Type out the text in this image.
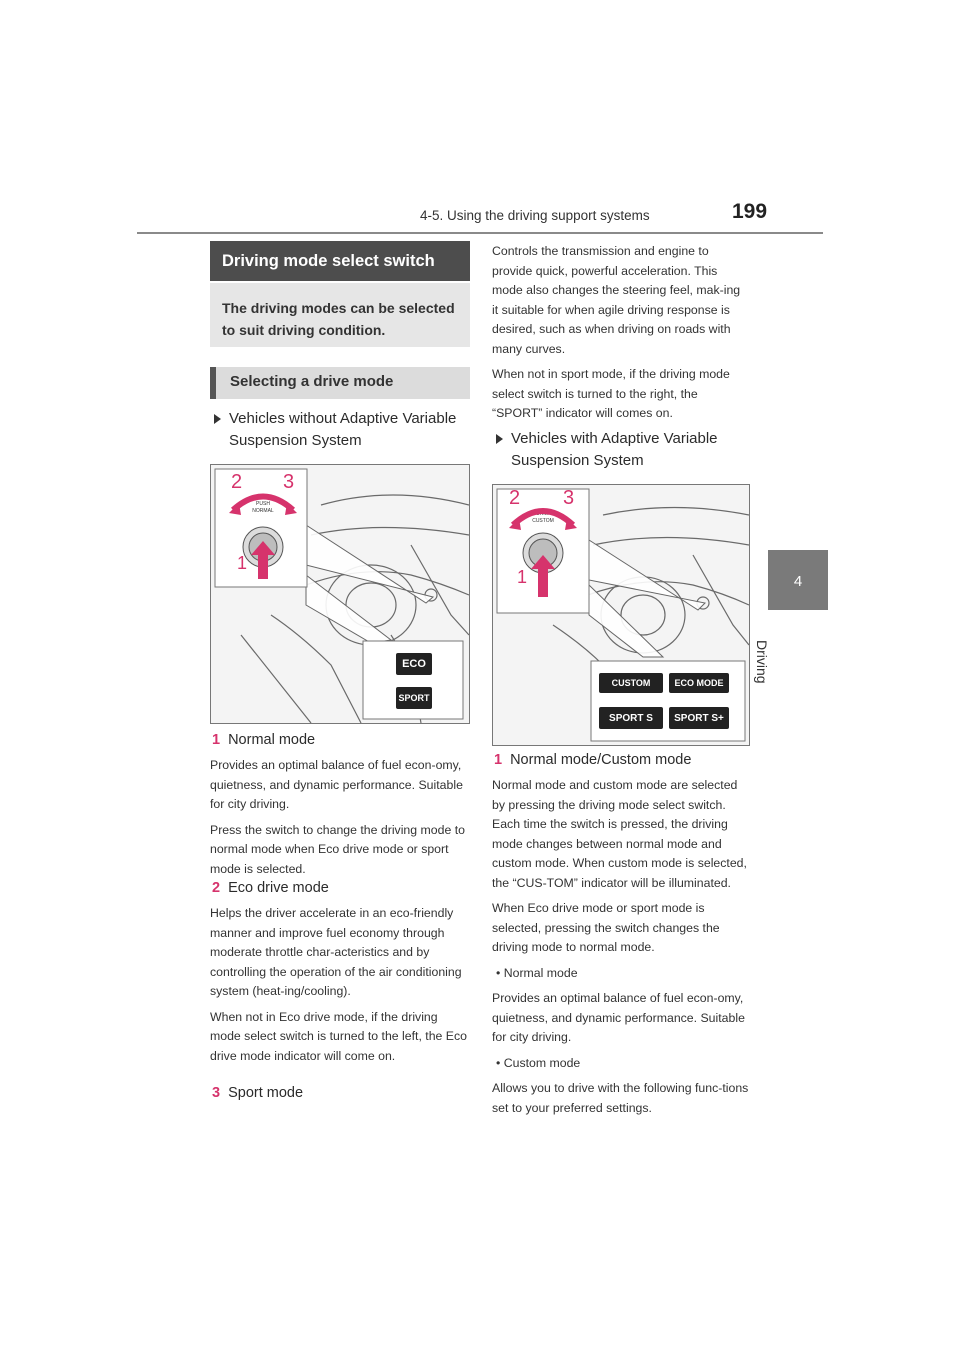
4-5. Using the driving support systems	199
4
Driving
Driving mode select switch
The driving modes can be selected to suit driving condition.
Selecting a drive mode
Vehicles without Adaptive Variable Suspension System
PUSH
NORMAL
2 3
1
ECO
SPORT
1 Normal mode

Provides an optimal balance of fuel econ-omy, quietness, and dynamic performance. Suitable for city driving.

Press the switch to change the driving mode to normal mode when Eco drive mode or sport mode is selected.

2 Eco drive mode

Helps the driver accelerate in an eco-friendly manner and improve fuel economy through moderate throttle char-acteristics and by controlling the operation of the air conditioning system (heat-ing/cooling).

When not in Eco drive mode, if the driving mode select switch is turned to the left, the Eco drive mode indicator will come on.

3 Sport mode

Controls the transmission and engine to provide quick, powerful acceleration. This mode also changes the steering feel, mak-ing it suitable for when agile driving response is desired, such as when driving on roads with many curves.

When not in sport mode, if the driving mode select switch is turned to the right, the “SPORT” indicator will comes on.

Vehicles with Adaptive Variable Suspension System
NORMAL
CUSTOM
2 3
1
CUSTOM	ECO MODE
SPORT S	SPORT S+
1 Normal mode/Custom mode

Normal mode and custom mode are selected by pressing the driving mode select switch. Each time the switch is pressed, the driving mode changes between normal mode and custom mode. When custom mode is selected, the “CUS-TOM” indicator will be illuminated.

When Eco drive mode or sport mode is selected, pressing the switch changes the driving mode to normal mode.

• Normal mode

Provides an optimal balance of fuel econ-omy, quietness, and dynamic performance. Suitable for city driving.

• Custom mode

Allows you to drive with the following func-tions set to your preferred settings.
